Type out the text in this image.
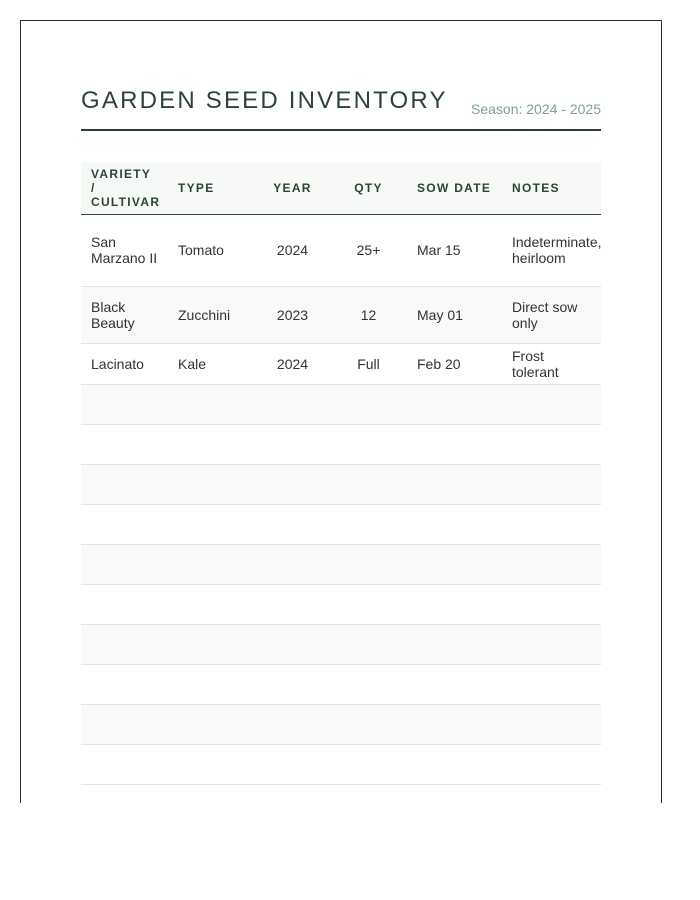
GARDEN SEED INVENTORY Season: 2024 - 2025
VARIETY / CULTIVAR	TYPE	YEAR	QTY	SOW DATE	NOTES
San Marzano II	Tomato	2024	25+	Mar 15	Indeterminate, heirloom
Black Beauty	Zucchini	2023	12	May 01	Direct sow only
Lacinato	Kale	2024	Full	Feb 20	Frost tolerant
